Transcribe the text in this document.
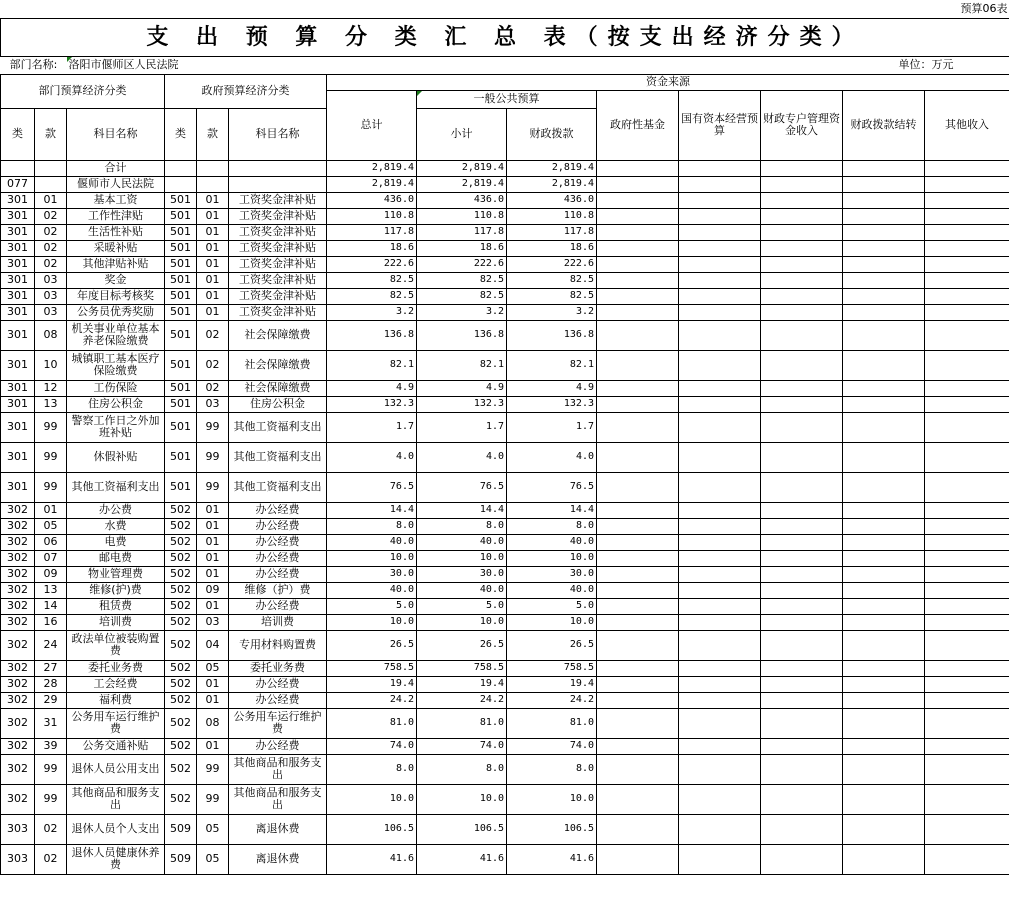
预算06表													
支 出 预 算 分 类 汇 总 表（按支出经济分类）													
部门名称:		洛阳市偃师区人民法院										单位：万元	
部门预算经济分类			政府预算经济分类			资金来源							
						总计	一般公共预算		政府性基金	国有资本经营预算	财政专户管理资金收入	财政拨款结转	其他收入
类	款	科目名称	类	款	科目名称		小计	财政拨款					

		合计				2,819.4	2,819.4	2,819.4					
077		偃师市人民法院				2,819.4	2,819.4	2,819.4					
301	01	基本工资	501	01	工资奖金津补贴	436.0	436.0	436.0					
301	02	工作性津贴	501	01	工资奖金津补贴	110.8	110.8	110.8					
301	02	生活性补贴	501	01	工资奖金津补贴	117.8	117.8	117.8					
301	02	采暖补贴	501	01	工资奖金津补贴	18.6	18.6	18.6					
301	02	其他津贴补贴	501	01	工资奖金津补贴	222.6	222.6	222.6					
301	03	奖金	501	01	工资奖金津补贴	82.5	82.5	82.5					
301	03	年度目标考核奖	501	01	工资奖金津补贴	82.5	82.5	82.5					
301	03	公务员优秀奖励	501	01	工资奖金津补贴	3.2	3.2	3.2					
301	08	机关事业单位基本养老保险缴费	501	02	社会保障缴费	136.8	136.8	136.8					
301	10	城镇职工基本医疗保险缴费	501	02	社会保障缴费	82.1	82.1	82.1					
301	12	工伤保险	501	02	社会保障缴费	4.9	4.9	4.9					
301	13	住房公积金	501	03	住房公积金	132.3	132.3	132.3					
301	99	警察工作日之外加班补贴	501	99	其他工资福利支出	1.7	1.7	1.7					
301	99	休假补贴	501	99	其他工资福利支出	4.0	4.0	4.0					
301	99	其他工资福利支出	501	99	其他工资福利支出	76.5	76.5	76.5					
302	01	办公费	502	01	办公经费	14.4	14.4	14.4					
302	05	水费	502	01	办公经费	8.0	8.0	8.0					
302	06	电费	502	01	办公经费	40.0	40.0	40.0					
302	07	邮电费	502	01	办公经费	10.0	10.0	10.0					
302	09	物业管理费	502	01	办公经费	30.0	30.0	30.0					
302	13	维修(护)费	502	09	维修（护）费	40.0	40.0	40.0					
302	14	租赁费	502	01	办公经费	5.0	5.0	5.0					
302	16	培训费	502	03	培训费	10.0	10.0	10.0					
302	24	政法单位被装购置费	502	04	专用材料购置费	26.5	26.5	26.5					
302	27	委托业务费	502	05	委托业务费	758.5	758.5	758.5					
302	28	工会经费	502	01	办公经费	19.4	19.4	19.4					
302	29	福利费	502	01	办公经费	24.2	24.2	24.2					
302	31	公务用车运行维护费	502	08	公务用车运行维护费	81.0	81.0	81.0					
302	39	公务交通补贴	502	01	办公经费	74.0	74.0	74.0					
302	99	退休人员公用支出	502	99	其他商品和服务支出	8.0	8.0	8.0					
302	99	其他商品和服务支出	502	99	其他商品和服务支出	10.0	10.0	10.0					
303	02	退休人员个人支出	509	05	离退休费	106.5	106.5	106.5					
303	02	退休人员健康休养费	509	05	离退休费	41.6	41.6	41.6					
